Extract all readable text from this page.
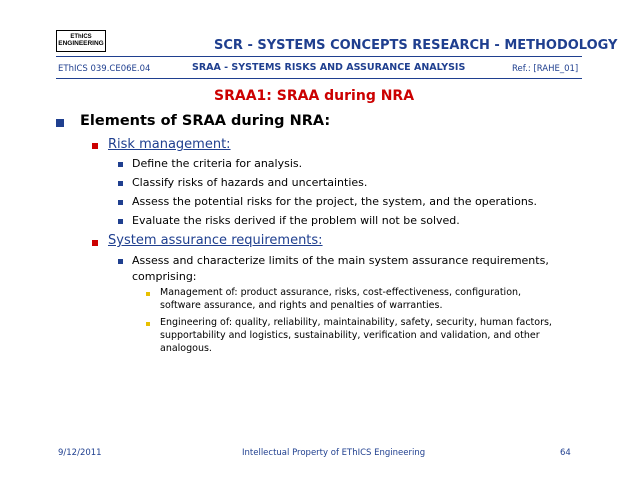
EThICS
ENGINEERING	SCR - SYSTEMS CONCEPTS RESEARCH - METHODOLOGY
EThICS 039.CE06E.04	SRAA - SYSTEMS RISKS AND ASSURANCE ANALYSIS	Ref.: [RAHE_01]
SRAA1: SRAA during NRA
Elements of SRAA during NRA:
Risk management:
Define the criteria for analysis.
Classify risks of hazards and uncertainties.
Assess the potential risks for the project, the system, and the operations.
Evaluate the risks derived if the problem will not be solved.
System assurance requirements:
Assess and characterize limits of the main system assurance requirements,
comprising:
Management of: product assurance, risks, cost-effectiveness, configuration,
software assurance, and rights and penalties of warranties.
Engineering of: quality, reliability, maintainability, safety, security, human factors,
supportability and logistics, sustainability, verification and validation, and other
analogous.
9/12/2011	Intellectual Property of EThICS Engineering	64
